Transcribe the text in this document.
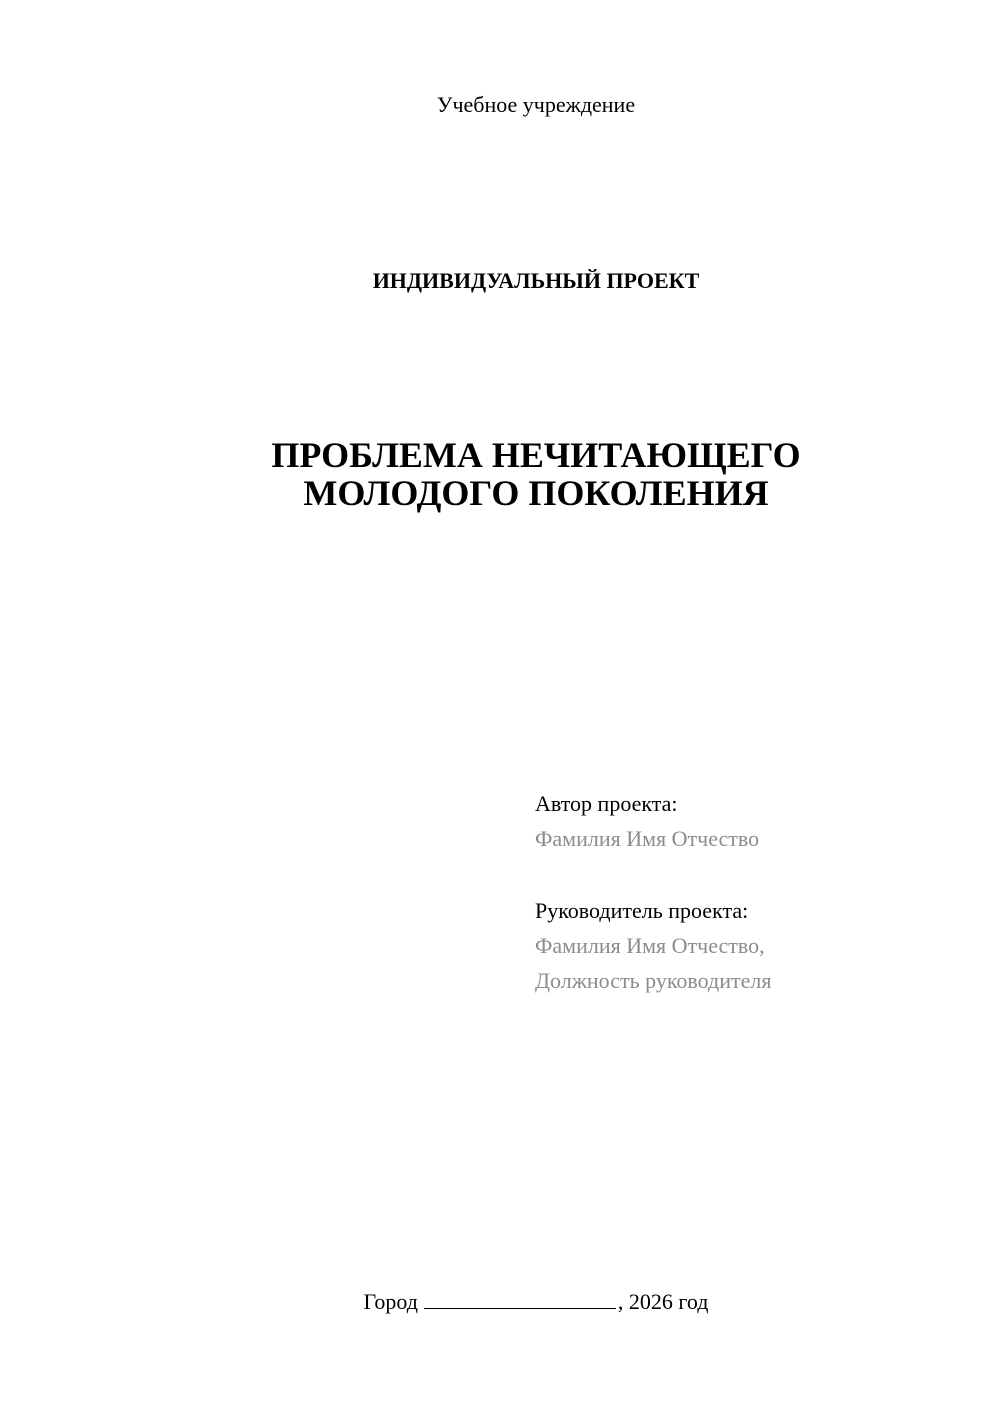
Учебное учреждение

ИНДИВИДУАЛЬНЫЙ ПРОЕКТ

ПРОБЛЕМА НЕЧИТАЮЩЕГО
МОЛОДОГО ПОКОЛЕНИЯ
Автор проекта:
Фамилия Имя Отчество
Руководитель проекта:
Фамилия Имя Отчество,
Должность руководителя

Город	, 2026 год
